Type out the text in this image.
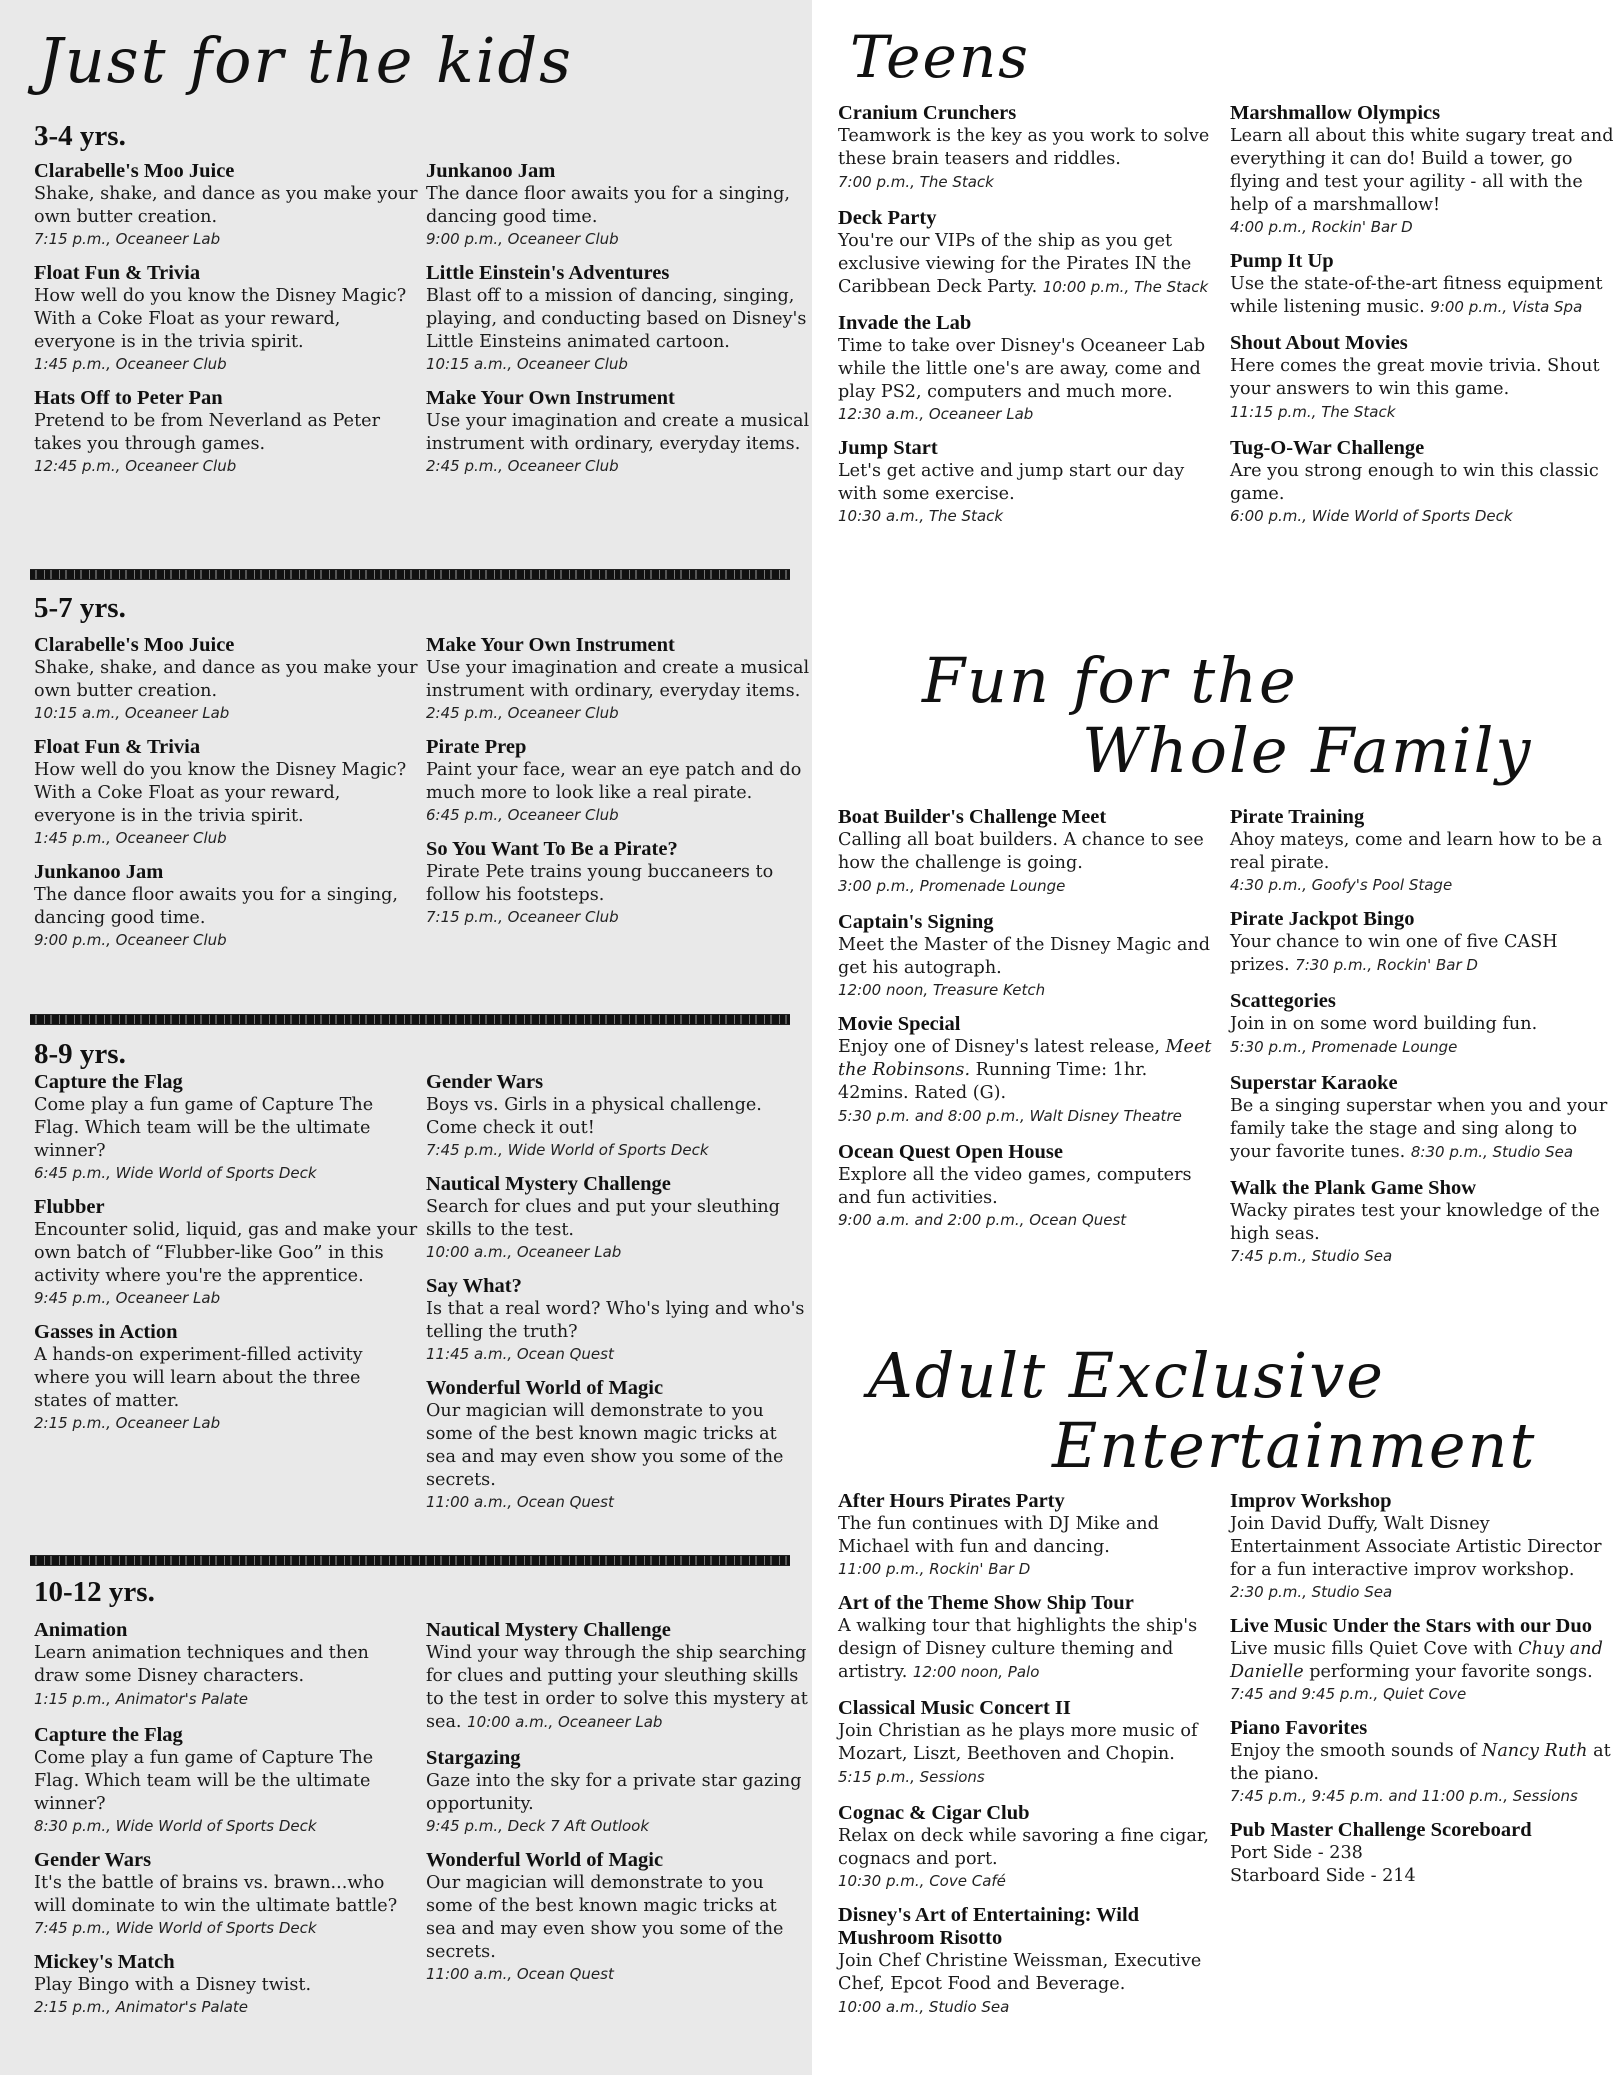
Just for the kids
3-4 yrs.
Clarabelle's Moo Juice
Shake, shake, and dance as you make your own butter creation.
7:15 p.m., Oceaneer Lab
Float Fun & Trivia
How well do you know the Disney Magic? With a Coke Float as your reward, everyone is in the trivia spirit.
1:45 p.m., Oceaneer Club
Hats Off to Peter Pan
Pretend to be from Neverland as Peter takes you through games.
12:45 p.m., Oceaneer Club
Junkanoo Jam
The dance floor awaits you for a singing, dancing good time.
9:00 p.m., Oceaneer Club
Little Einstein's Adventures
Blast off to a mission of dancing, singing, playing, and conducting based on Disney's Little Einsteins animated cartoon.
10:15 a.m., Oceaneer Club
Make Your Own Instrument
Use your imagination and create a musical instrument with ordinary, everyday items.
2:45 p.m., Oceaneer Club
5-7 yrs.
Clarabelle's Moo Juice
Shake, shake, and dance as you make your own butter creation.
10:15 a.m., Oceaneer Lab
Float Fun & Trivia
How well do you know the Disney Magic? With a Coke Float as your reward, everyone is in the trivia spirit.
1:45 p.m., Oceaneer Club
Junkanoo Jam
The dance floor awaits you for a singing, dancing good time.
9:00 p.m., Oceaneer Club
Make Your Own Instrument
Use your imagination and create a musical instrument with ordinary, everyday items.
2:45 p.m., Oceaneer Club
Pirate Prep
Paint your face, wear an eye patch and do much more to look like a real pirate.
6:45 p.m., Oceaneer Club
So You Want To Be a Pirate?
Pirate Pete trains young buccaneers to follow his footsteps.
7:15 p.m., Oceaneer Club
8-9 yrs.
Capture the Flag
Come play a fun game of Capture The Flag. Which team will be the ultimate winner?
6:45 p.m., Wide World of Sports Deck
Flubber
Encounter solid, liquid, gas and make your own batch of “Flubber-like Goo” in this activity where you're the apprentice.
9:45 p.m., Oceaneer Lab
Gasses in Action
A hands-on experiment-filled activity where you will learn about the three states of matter.
2:15 p.m., Oceaneer Lab
Gender Wars
Boys vs. Girls in a physical challenge. Come check it out!
7:45 p.m., Wide World of Sports Deck
Nautical Mystery Challenge
Search for clues and put your sleuthing skills to the test.
10:00 a.m., Oceaneer Lab
Say What?
Is that a real word? Who's lying and who's telling the truth?
11:45 a.m., Ocean Quest
Wonderful World of Magic
Our magician will demonstrate to you some of the best known magic tricks at sea and may even show you some of the secrets.
11:00 a.m., Ocean Quest
10-12 yrs.
Animation
Learn animation techniques and then draw some Disney characters. 1:15 p.m., Animator's Palate
Capture the Flag
Come play a fun game of Capture The Flag. Which team will be the ultimate winner?
8:30 p.m., Wide World of Sports Deck
Gender Wars
It's the battle of brains vs. brawn...who will dominate to win the ultimate battle?
7:45 p.m., Wide World of Sports Deck
Mickey's Match
Play Bingo with a Disney twist.
2:15 p.m., Animator's Palate
Nautical Mystery Challenge
Wind your way through the ship searching for clues and putting your sleuthing skills to the test in order to solve this mystery at sea. 10:00 a.m., Oceaneer Lab
Stargazing
Gaze into the sky for a private star gazing opportunity.
9:45 p.m., Deck 7 Aft Outlook
Wonderful World of Magic
Our magician will demonstrate to you some of the best known magic tricks at sea and may even show you some of the secrets.
11:00 a.m., Ocean Quest
Teens
Cranium Crunchers
Teamwork is the key as you work to solve these brain teasers and riddles. 7:00 p.m., The Stack
Deck Party
You're our VIPs of the ship as you get exclusive viewing for the Pirates IN the Caribbean Deck Party. 10:00 p.m., The Stack
Invade the Lab
Time to take over Disney's Oceaneer Lab while the little one's are away, come and play PS2, computers and much more.
12:30 a.m., Oceaneer Lab
Jump Start
Let's get active and jump start our day with some exercise.
10:30 a.m., The Stack
Marshmallow Olympics
Learn all about this white sugary treat and everything it can do! Build a tower, go flying and test your agility - all with the help of a marshmallow!
4:00 p.m., Rockin' Bar D
Pump It Up
Use the state-of-the-art fitness equipment while listening music. 9:00 p.m., Vista Spa
Shout About Movies
Here comes the great movie trivia. Shout your answers to win this game. 11:15 p.m., The Stack
Tug-O-War Challenge
Are you strong enough to win this classic game.
6:00 p.m., Wide World of Sports Deck
Fun for the
Whole Family
Boat Builder's Challenge Meet
Calling all boat builders. A chance to see how the challenge is going. 3:00 p.m., Promenade Lounge
Captain's Signing
Meet the Master of the Disney Magic and get his autograph.
12:00 noon, Treasure Ketch
Movie Special
Enjoy one of Disney's latest release, Meet the Robinsons. Running Time: 1hr. 42mins. Rated (G). 5:30 p.m. and 8:00 p.m., Walt Disney Theatre
Ocean Quest Open House
Explore all the video games, computers and fun activities.
9:00 a.m. and 2:00 p.m., Ocean Quest
Pirate Training
Ahoy mateys, come and learn how to be a real pirate.
4:30 p.m., Goofy's Pool Stage
Pirate Jackpot Bingo
Your chance to win one of five CASH prizes. 7:30 p.m., Rockin' Bar D
Scattegories
Join in on some word building fun. 5:30 p.m., Promenade Lounge
Superstar Karaoke
Be a singing superstar when you and your family take the stage and sing along to your favorite tunes. 8:30 p.m., Studio Sea
Walk the Plank Game Show
Wacky pirates test your knowledge of the high seas.
7:45 p.m., Studio Sea
Adult Exclusive
Entertainment
After Hours Pirates Party
The fun continues with DJ Mike and Michael with fun and dancing.
11:00 p.m., Rockin' Bar D
Art of the Theme Show Ship Tour
A walking tour that highlights the ship's design of Disney culture theming and artistry. 12:00 noon, Palo
Classical Music Concert II
Join Christian as he plays more music of Mozart, Liszt, Beethoven and Chopin. 5:15 p.m., Sessions
Cognac & Cigar Club
Relax on deck while savoring a fine cigar, cognacs and port.
10:30 p.m., Cove Café
Disney's Art of Entertaining: Wild Mushroom Risotto
Join Chef Christine Weissman, Executive Chef, Epcot Food and Beverage. 10:00 a.m., Studio Sea
Improv Workshop
Join David Duffy, Walt Disney Entertainment Associate Artistic Director for a fun interactive improv workshop.
2:30 p.m., Studio Sea
Live Music Under the Stars with our Duo
Live music fills Quiet Cove with Chuy and Danielle performing your favorite songs.
7:45 and 9:45 p.m., Quiet Cove
Piano Favorites
Enjoy the smooth sounds of Nancy Ruth at the piano.
7:45 p.m., 9:45 p.m. and 11:00 p.m., Sessions
Pub Master Challenge Scoreboard
Port Side - 238
Starboard Side - 214
